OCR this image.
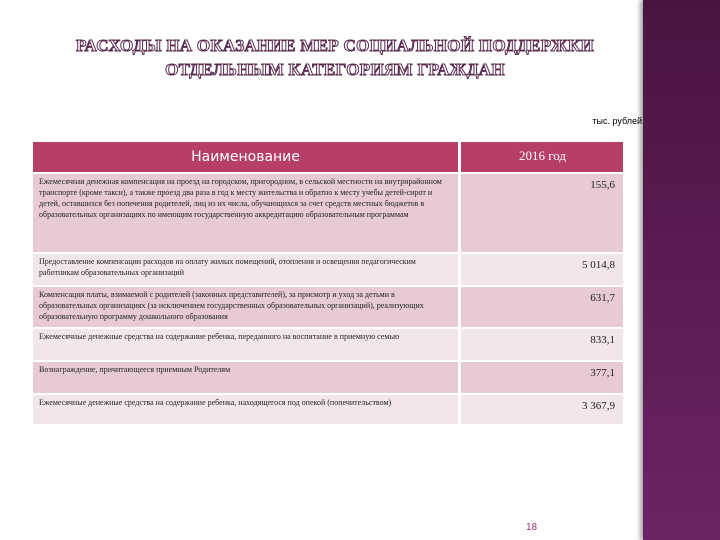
РАСХОДЫ НА ОКАЗАНИЕ МЕР СОЦИАЛЬНОЙ ПОДДЕРЖКИ ОТДЕЛЬНЫМ КАТЕГОРИЯМ ГРАЖДАН
тыс. рублей
Наименование	2016 год
Ежемесячная денежная компенсация на проезд на городском, пригородном, в сельской местности на внутрирайонном транспорте (кроме такси), а также проезд два раза в год к месту жительства и обратно к месту учебы детей-сирот и детей, оставшихся без попечения родителей, лиц из их числа, обучающихся за счет средств местных бюджетов в образовательных организациях по имеющим государственную аккредитацию образовательным программам	155,6
Предоставление компенсации расходов на оплату жилых помещений, отопления и освещения педагогическим работникам образовательных организаций	5 014,8
Компенсация платы, взимаемой с родителей (законных представителей), за присмотр и уход за детьми в образовательных организациях (за исключением государственных образовательных организаций), реализующих образовательную программу дошкольного образования	631,7
Ежемесячные денежные средства на содержание ребенка, переданного на воспитание в приемную семью	833,1
Вознаграждение, причитающееся приемным Родителям	377,1
Ежемесячные денежные средства на содержание ребенка, находящегося под опекой (попечительством)	3 367,9
18
